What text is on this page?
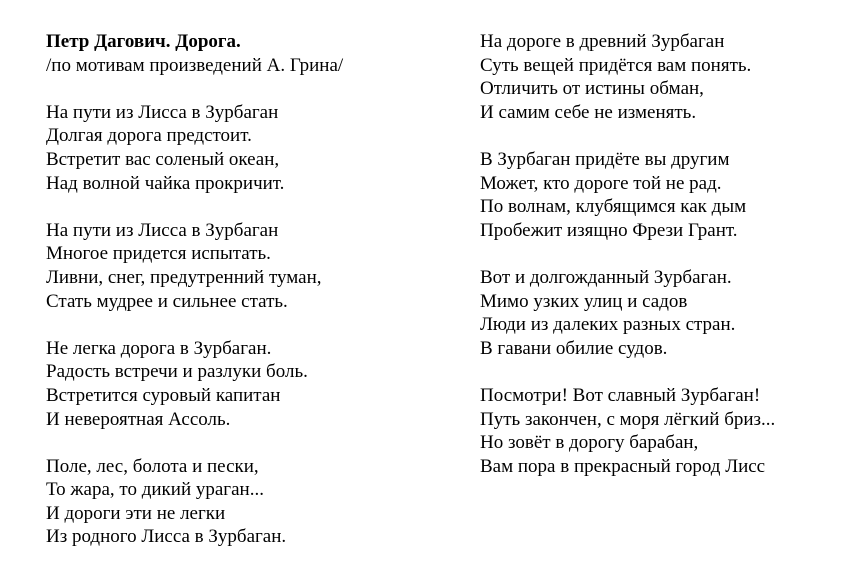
Петр Дагович. Дорога.
/по мотивам произведений А. Грина/
На пути из Лисса в Зурбаган
Долгая дорога предстоит.
Встретит вас соленый океан,
Над волной чайка прокричит.
На пути из Лисса в Зурбаган
Многое придется испытать.
Ливни, снег, предутренний туман,
Стать мудрее и сильнее стать.
Не легка дорога в Зурбаган.
Радость встречи и разлуки боль.
Встретится суровый капитан
И невероятная Ассоль.
Поле, лес, болота и пески,
То жара, то дикий ураган...
И дороги эти не легки
Из родного Лисса в Зурбаган.
На дороге в древний Зурбаган
Суть вещей придётся вам понять.
Отличить от истины обман,
И самим себе не изменять.
В Зурбаган придёте вы другим
Может, кто дороге той не рад.
По волнам, клубящимся как дым
Пробежит изящно Фрези Грант.
Вот и долгожданный Зурбаган.
Мимо узких улиц и садов
Люди из далеких разных стран.
В гавани обилие судов.
Посмотри! Вот славный Зурбаган!
Путь закончен, с моря лёгкий бриз...
Но зовёт в дорогу барабан,
Вам пора в прекрасный город Лисс
